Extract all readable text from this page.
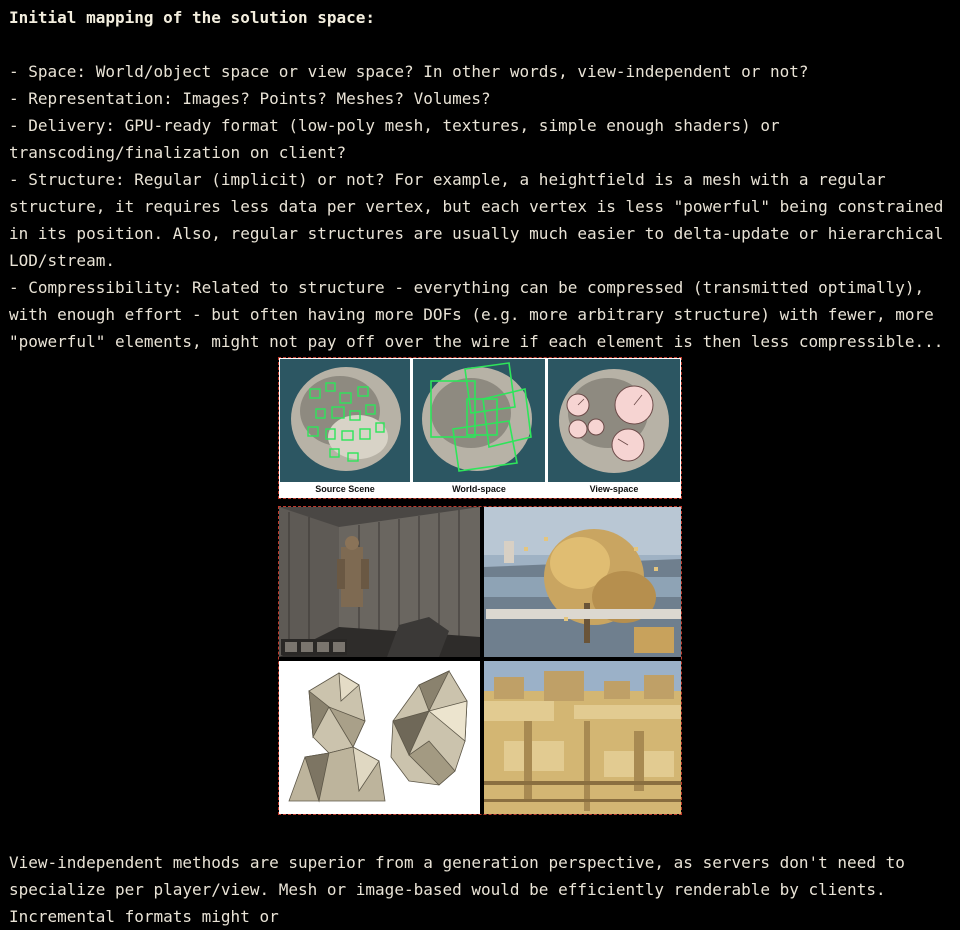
Initial mapping of the solution space:

- Space: World/object space or view space? In other words, view-independent or not?

- Representation: Images? Points? Meshes? Volumes?

- Delivery: GPU-ready format (low-poly mesh, textures, simple enough shaders) or transcoding/finalization on client?

- Structure: Regular (implicit) or not? For example, a heightfield is a mesh with a regular structure, it requires less data per vertex, but each vertex is less "powerful" being constrained in its position. Also, regular structures are usually much easier to delta-update or hierarchical LOD/stream.

- Compressibility: Related to structure - everything can be compressed (transmitted optimally), with enough effort - but often having more DOFs (e.g. more arbitrary structure) with fewer, more "powerful" elements, might not pay off over the wire if each element is then less compressible...

Source Scene	World-space	View-space

View-independent methods are superior from a generation perspective, as servers don't need to specialize per player/view. Mesh or image-based would be efficiently renderable by clients. Incremental formats might or
